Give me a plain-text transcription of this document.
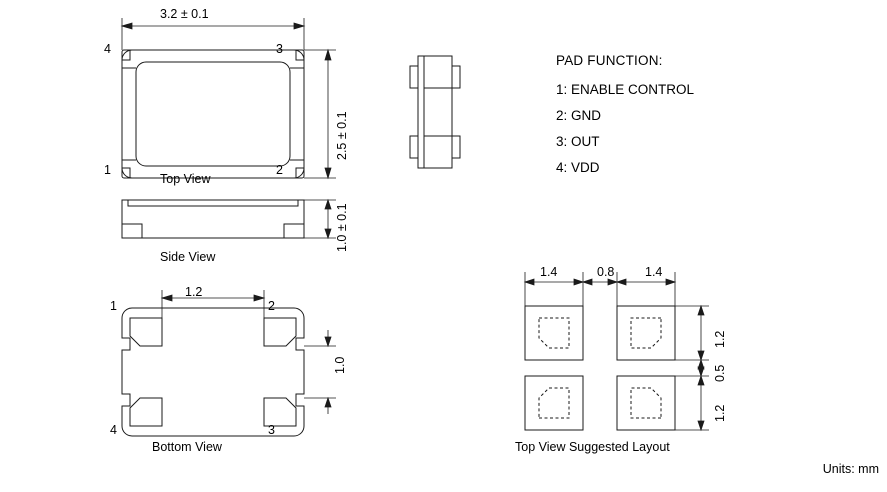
3.2 ± 0.1
2.5 ± 0.1
4	3
1	2
Top View
1.0 ± 0.1
Side View
1.2
1.0
1	2
4	3
Bottom View
1.4	0.8 1.4
1.2
0.5
1.2
Top View Suggested Layout
PAD FUNCTION:
1: ENABLE CONTROL
2: GND
3: OUT
4: VDD
Units: mm
